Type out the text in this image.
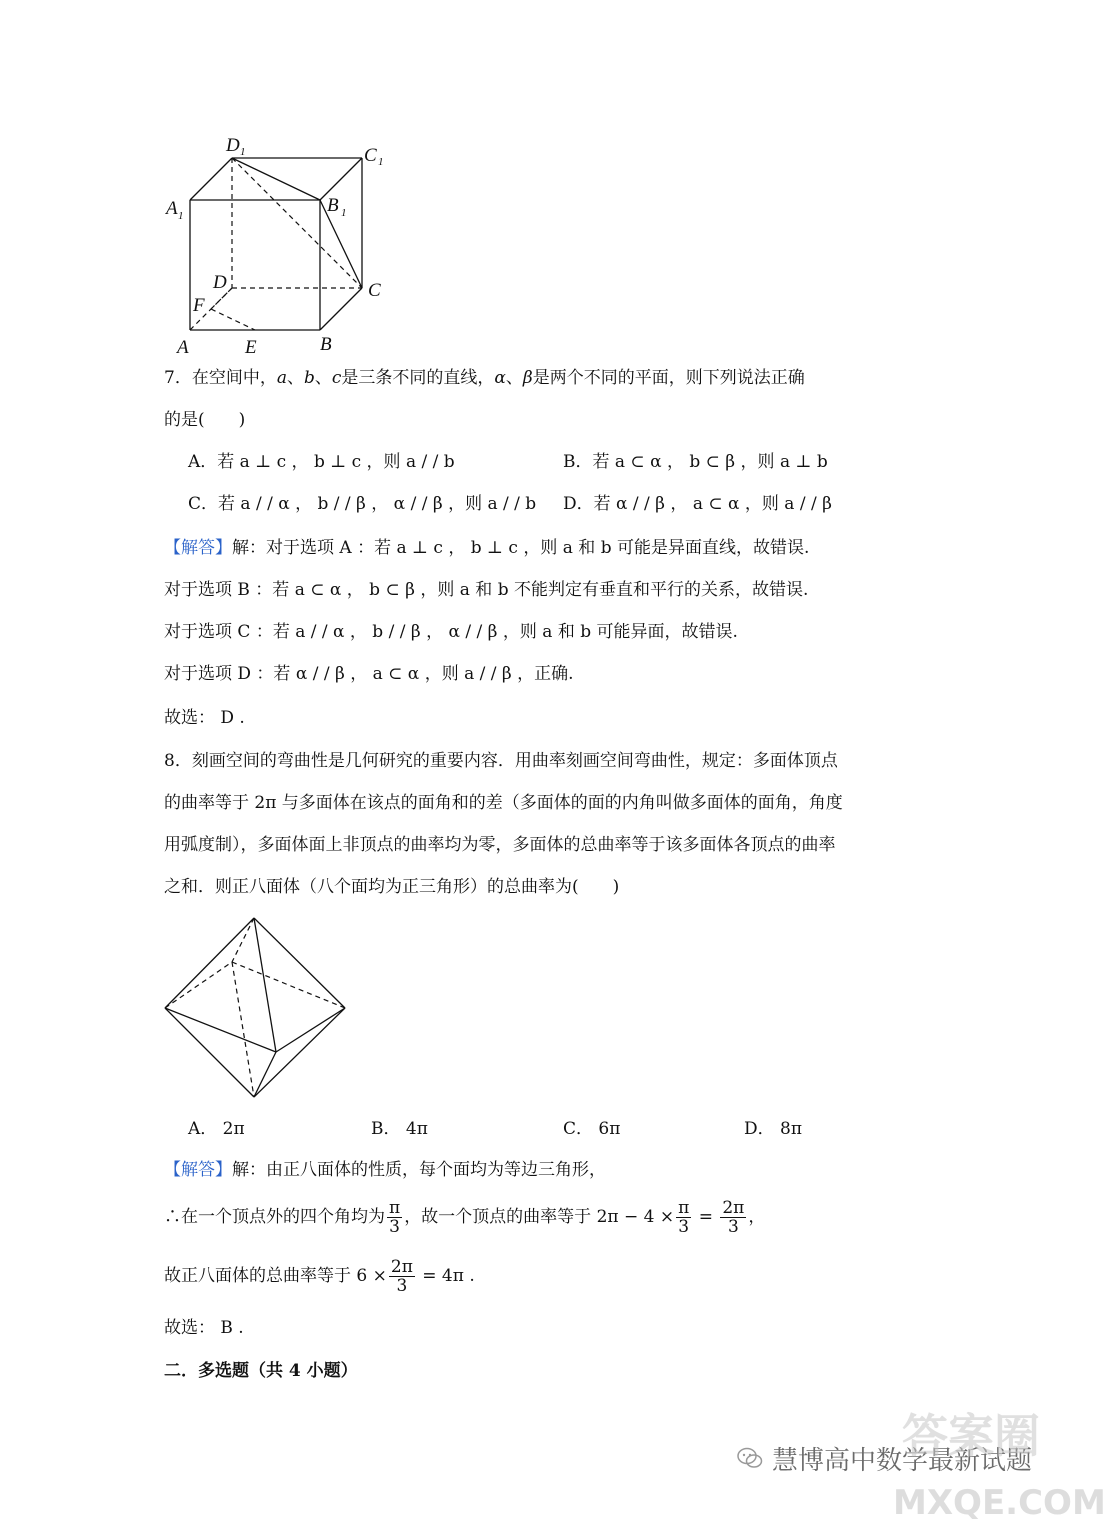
D 1	C 1
A 1	B 1
D	C
F
A	E	B
7．在空间中，a、b、c是三条不同的直线，α、β是两个不同的平面，则下列说法正确
的是(　　)
A．若 a ⊥ c ， b ⊥ c ，则 a / / b	B．若 a ⊂ α ， b ⊂ β ，则 a ⊥ b
C．若 a / / α ， b / / β ， α / / β ，则 a / / b D．若 α / / β ， a ⊂ α ，则 a / / β
【解答】解：对于选项 A ：若 a ⊥ c ， b ⊥ c ，则 a 和 b 可能是异面直线，故错误.
对于选项 B ：若 a ⊂ α ， b ⊂ β ，则 a 和 b 不能判定有垂直和平行的关系，故错误.
对于选项 C ：若 a / / α ， b / / β ， α / / β ，则 a 和 b 可能异面，故错误.
对于选项 D ：若 α / / β ， a ⊂ α ，则 a / / β ，正确.
故选： D .
8．刻画空间的弯曲性是几何研究的重要内容．用曲率刻画空间弯曲性，规定：多面体顶点
的曲率等于 2π 与多面体在该点的面角和的差（多面体的面的内角叫做多面体的面角，角度
用弧度制），多面体面上非顶点的曲率均为零，多面体的总曲率等于该多面体各顶点的曲率
之和．则正八面体（八个面均为正三角形）的总曲率为(　　)
A． 2π	B． 4π	C． 6π	D． 8π
【解答】解：由正八面体的性质，每个面均为等边三角形，
∴在一个顶点外的四个角均为 $\frac{\pi}{3}$ ，故一个顶点的曲率等于 $2\pi - 4 \times \frac{\pi}{3} = \frac{2\pi}{3}$ ，
故正八面体的总曲率等于 $6 \times \frac{2\pi}{3} = 4\pi$ .
故选： B .
二．多选题（共 4 小题）
慧博高中数学最新试题
答案圈
MXQE.COM
